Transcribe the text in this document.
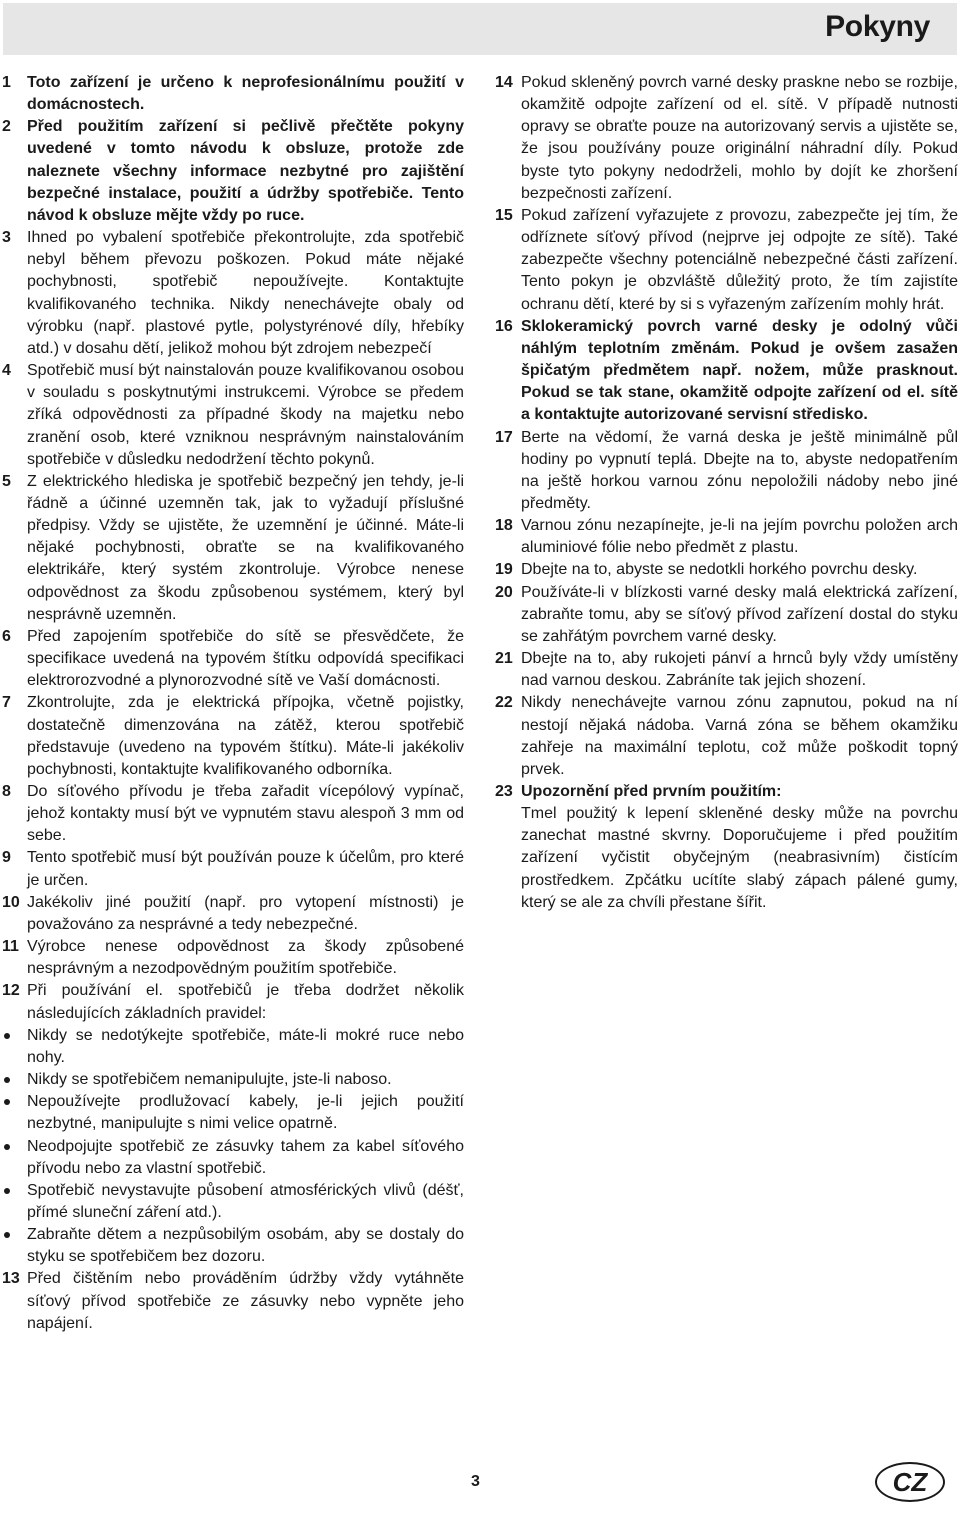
Pokyny
1 Toto zařízení je určeno k neprofesionálnímu použití v domácnostech.
2 Před použitím zařízení si pečlivě přečtěte pokyny uvedené v tomto návodu k obsluze, protože zde naleznete všechny informace nezbytné pro zajištění bezpečné instalace, použití a údržby spotřebiče. Tento návod k obsluze mějte vždy po ruce.
3 Ihned po vybalení spotřebiče překontrolujte, zda spotřebič nebyl během převozu poškozen. Pokud máte nějaké pochybnosti, spotřebič nepoužívejte. Kontaktujte kvalifikovaného technika. Nikdy nenechávejte obaly od výrobku (např. plastové pytle, polystyrénové díly, hřebíky atd.) v dosahu dětí, jelikož mohou být zdrojem nebezpečí
4 Spotřebič musí být nainstalován pouze kvalifikovanou osobou v souladu s poskytnutými instrukcemi. Výrobce se předem zříká odpovědnosti za případné škody na majetku nebo zranění osob, které vzniknou nesprávným nainstalováním spotřebiče v důsledku nedodržení těchto pokynů.
5 Z elektrického hlediska je spotřebič bezpečný jen tehdy, je-li řádně a účinné uzemněn tak, jak to vyžadují příslušné předpisy. Vždy se ujistěte, že uzemnění je účinné. Máte-li nějaké pochybnosti, obraťte se na kvalifikovaného elektrikáře, který systém zkontroluje. Výrobce nenese odpovědnost za škodu způsobenou systémem, který byl nesprávně uzemněn.
6 Před zapojením spotřebiče do sítě se přesvědčete, že specifikace uvedená na typovém štítku odpovídá specifikaci elektrorozvodné a plynorozvodné sítě ve Vaší domácnosti.
7 Zkontrolujte, zda je elektrická přípojka, včetně pojistky, dostatečně dimenzována na zátěž, kterou spotřebič představuje (uvedeno na typovém štítku). Máte-li jakékoliv pochybnosti, kontaktujte kvalifikovaného odborníka.
8 Do síťového přívodu je třeba zařadit vícepólový vypínač, jehož kontakty musí být ve vypnutém stavu alespoň 3 mm od sebe.
9 Tento spotřebič musí být používán pouze k účelům, pro které je určen.
10 Jakékoliv jiné použití (např. pro vytopení místnosti) je považováno za nesprávné a tedy nebezpečné.
11 Výrobce nenese odpovědnost za škody způsobené nesprávným a nezodpovědným použitím spotřebiče.
12 Při používání el. spotřebičů je třeba dodržet několik následujících základních pravidel:
Nikdy se nedotýkejte spotřebiče, máte-li mokré ruce nebo nohy.
Nikdy se spotřebičem nemanipulujte, jste-li naboso.
Nepoužívejte prodlužovací kabely, je-li jejich použití nezbytné, manipulujte s nimi velice opatrně.
Neodpojujte spotřebič ze zásuvky tahem za kabel síťového přívodu nebo za vlastní spotřebič.
Spotřebič nevystavujte působení atmosférických vlivů (déšť, přímé sluneční záření atd.).
Zabraňte dětem a nezpůsobilým osobám, aby se dostaly do styku se spotřebičem bez dozoru.
13 Před čištěním nebo prováděním údržby vždy vytáhněte síťový přívod spotřebiče ze zásuvky nebo vypněte jeho napájení.
14 Pokud skleněný povrch varné desky praskne nebo se rozbije, okamžitě odpojte zařízení od el. sítě. V případě nutnosti opravy se obraťte pouze na autorizovaný servis a ujistěte se, že jsou používány pouze originální náhradní díly. Pokud byste tyto pokyny nedodrželi, mohlo by dojít ke zhoršení bezpečnosti zařízení.
15 Pokud zařízení vyřazujete z provozu, zabezpečte jej tím, že odříznete síťový přívod (nejprve jej odpojte ze sítě). Také zabezpečte všechny potenciálně nebezpečné části zařízení. Tento pokyn je obzvláště důležitý proto, že tím zajistíte ochranu dětí, které by si s vyřazeným zařízením mohly hrát.
16 Sklokeramický povrch varné desky je odolný vůči náhlým teplotním změnám. Pokud je ovšem zasažen špičatým předmětem např. nožem, může prasknout. Pokud se tak stane, okamžitě odpojte zařízení od el. sítě a kontaktujte autorizované servisní středisko.
17 Berte na vědomí, že varná deska je ještě minimálně půl hodiny po vypnutí teplá. Dbejte na to, abyste nedopatřením na ještě horkou varnou zónu nepoložili nádoby nebo jiné předměty.
18 Varnou zónu nezapínejte, je-li na jejím povrchu položen arch aluminiové fólie nebo předmět z plastu.
19 Dbejte na to, abyste se nedotkli horkého povrchu desky.
20 Používáte-li v blízkosti varné desky malá elektrická zařízení, zabraňte tomu, aby se síťový přívod zařízení dostal do styku se zahřátým povrchem varné desky.
21 Dbejte na to, aby rukojeti pánví a hrnců byly vždy umístěny nad varnou deskou. Zabráníte tak jejich shození.
22 Nikdy nenechávejte varnou zónu zapnutou, pokud na ní nestojí nějaká nádoba. Varná zóna se během okamžiku zahřeje na maximální teplotu, což může poškodit topný prvek.
23 Upozornění před prvním použitím:
Tmel použitý k lepení skleněné desky může na povrchu zanechat mastné skvrny. Doporučujeme i před použitím zařízení vyčistit obyčejným (neabrasivním) čistícím prostředkem. Zpčátku ucítíte slabý zápach pálené gumy, který se ale za chvíli přestane šířit.
3	CZ
